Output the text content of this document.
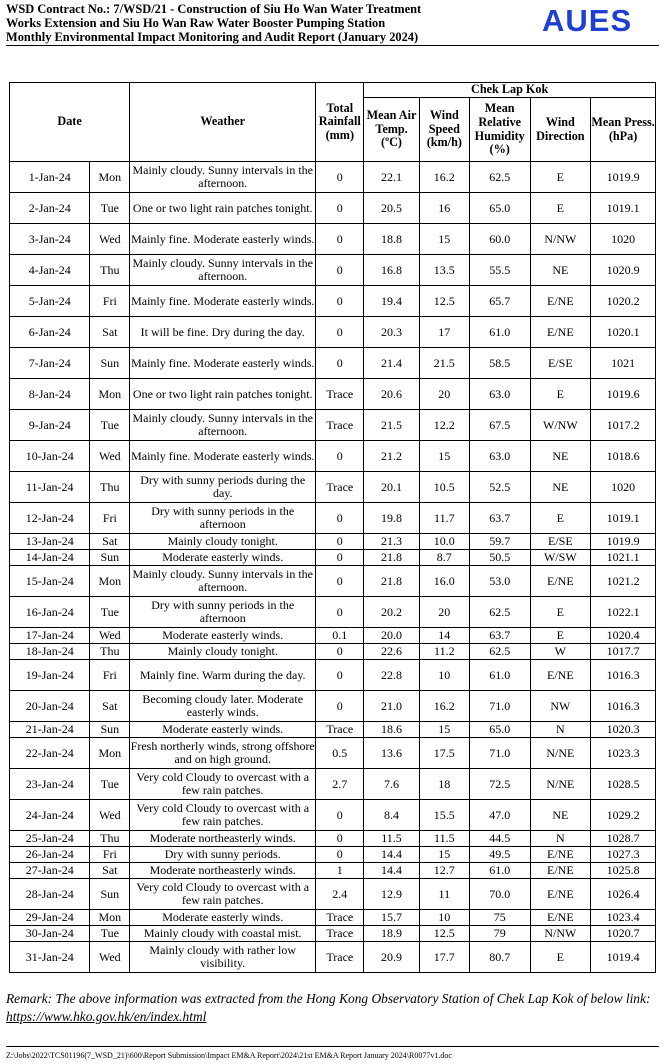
WSD Contract No.: 7/WSD/21 - Construction of Siu Ho Wan Water Treatment
Works Extension and Siu Ho Wan Raw Water Booster Pumping Station
Monthly Environmental Impact Monitoring and Audit Report (January 2024)	AUES
Date		Weather	Total Rainfall (mm)	Chek Lap Kok				
				Mean Air Temp. (ºC)	Wind Speed (km/h)	Mean Relative Humidity (%)	Wind Direction	Mean Press. (hPa)
1-Jan-24	Mon	Mainly cloudy. Sunny intervals in the afternoon.	0	22.1	16.2	62.5	E	1019.9
2-Jan-24	Tue	One or two light rain patches tonight.	0	20.5	16	65.0	E	1019.1
3-Jan-24	Wed	Mainly fine. Moderate easterly winds.	0	18.8	15	60.0	N/NW	1020
4-Jan-24	Thu	Mainly cloudy. Sunny intervals in the afternoon.	0	16.8	13.5	55.5	NE	1020.9
5-Jan-24	Fri	Mainly fine. Moderate easterly winds.	0	19.4	12.5	65.7	E/NE	1020.2
6-Jan-24	Sat	It will be fine. Dry during the day.	0	20.3	17	61.0	E/NE	1020.1
7-Jan-24	Sun	Mainly fine. Moderate easterly winds.	0	21.4	21.5	58.5	E/SE	1021
8-Jan-24	Mon	One or two light rain patches tonight.	Trace	20.6	20	63.0	E	1019.6
9-Jan-24	Tue	Mainly cloudy. Sunny intervals in the afternoon.	Trace	21.5	12.2	67.5	W/NW	1017.2
10-Jan-24	Wed	Mainly fine. Moderate easterly winds.	0	21.2	15	63.0	NE	1018.6
11-Jan-24	Thu	Dry with sunny periods during the day.	Trace	20.1	10.5	52.5	NE	1020
12-Jan-24	Fri	Dry with sunny periods in the afternoon	0	19.8	11.7	63.7	E	1019.1
13-Jan-24	Sat	Mainly cloudy tonight.	0	21.3	10.0	59.7	E/SE	1019.9
14-Jan-24	Sun	Moderate easterly winds.	0	21.8	8.7	50.5	W/SW	1021.1
15-Jan-24	Mon	Mainly cloudy. Sunny intervals in the afternoon.	0	21.8	16.0	53.0	E/NE	1021.2
16-Jan-24	Tue	Dry with sunny periods in the afternoon	0	20.2	20	62.5	E	1022.1
17-Jan-24	Wed	Moderate easterly winds.	0.1	20.0	14	63.7	E	1020.4
18-Jan-24	Thu	Mainly cloudy tonight.	0	22.6	11.2	62.5	W	1017.7
19-Jan-24	Fri	Mainly fine. Warm during the day.	0	22.8	10	61.0	E/NE	1016.3
20-Jan-24	Sat	Becoming cloudy later. Moderate easterly winds.	0	21.0	16.2	71.0	NW	1016.3
21-Jan-24	Sun	Moderate easterly winds.	Trace	18.6	15	65.0	N	1020.3
22-Jan-24	Mon	Fresh northerly winds, strong offshore and on high ground.	0.5	13.6	17.5	71.0	N/NE	1023.3
23-Jan-24	Tue	Very cold Cloudy to overcast with a few rain patches.	2.7	7.6	18	72.5	N/NE	1028.5
24-Jan-24	Wed	Very cold Cloudy to overcast with a few rain patches.	0	8.4	15.5	47.0	NE	1029.2
25-Jan-24	Thu	Moderate northeasterly winds.	0	11.5	11.5	44.5	N	1028.7
26-Jan-24	Fri	Dry with sunny periods.	0	14.4	15	49.5	E/NE	1027.3
27-Jan-24	Sat	Moderate northeasterly winds.	1	14.4	12.7	61.0	E/NE	1025.8
28-Jan-24	Sun	Very cold Cloudy to overcast with a few rain patches.	2.4	12.9	11	70.0	E/NE	1026.4
29-Jan-24	Mon	Moderate easterly winds.	Trace	15.7	10	75	E/NE	1023.4
30-Jan-24	Tue	Mainly cloudy with coastal mist.	Trace	18.9	12.5	79	N/NW	1020.7
31-Jan-24	Wed	Mainly cloudy with rather low visibility.	Trace	20.9	17.7	80.7	E	1019.4
Remark: The above information was extracted from the Hong Kong Observatory Station of Chek Lap Kok of below link: https://www.hko.gov.hk/en/index.html
Z:\Jobs\2022\TCS01196(7_WSD_21)\600\Report Submission\Impact EM&A Report\2024\21st EM&A Report January 2024\R0077v1.doc
